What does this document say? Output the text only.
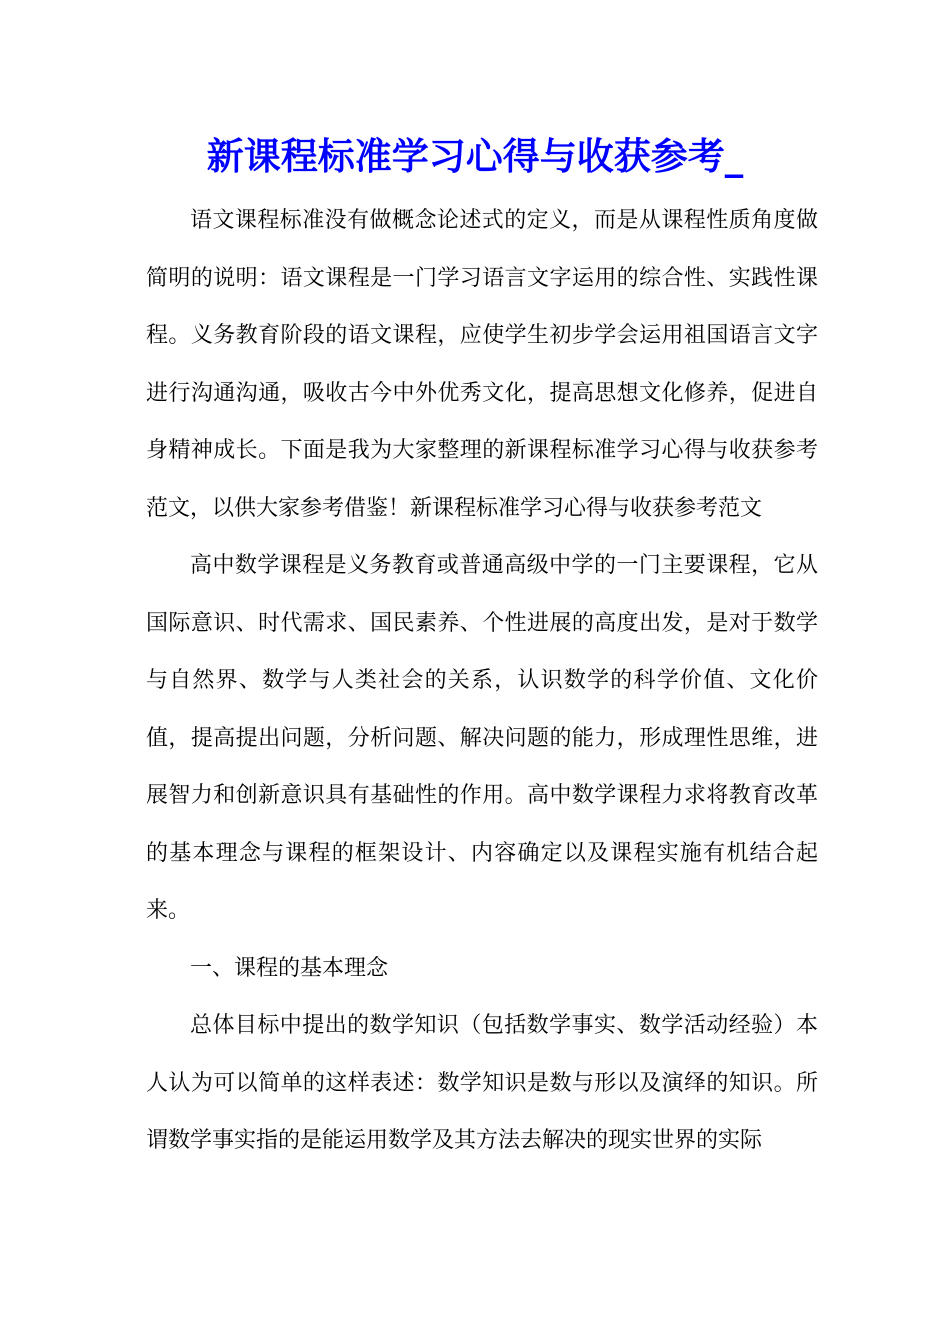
新课程标准学习心得与收获参考_

语文课程标准没有做概念论述式的定义，而是从课程性质角度做简明的说明：语文课程是一门学习语言文字运用的综合性、实践性课程。义务教育阶段的语文课程，应使学生初步学会运用祖国语言文字进行沟通沟通，吸收古今中外优秀文化，提高思想文化修养，促进自身精神成长。下面是我为大家整理的新课程标准学习心得与收获参考范文，以供大家参考借鉴！新课程标准学习心得与收获参考范文

高中数学课程是义务教育或普通高级中学的一门主要课程，它从国际意识、时代需求、国民素养、个性进展的高度出发，是对于数学与自然界、数学与人类社会的关系，认识数学的科学价值、文化价值，提高提出问题，分析问题、解决问题的能力，形成理性思维，进展智力和创新意识具有基础性的作用。高中数学课程力求将教育改革的基本理念与课程的框架设计、内容确定以及课程实施有机结合起来。

一、课程的基本理念

总体目标中提出的数学知识（包括数学事实、数学活动经验）本人认为可以简单的这样表述：数学知识是数与形以及演绎的知识。所谓数学事实指的是能运用数学及其方法去解决的现实世界的实际
